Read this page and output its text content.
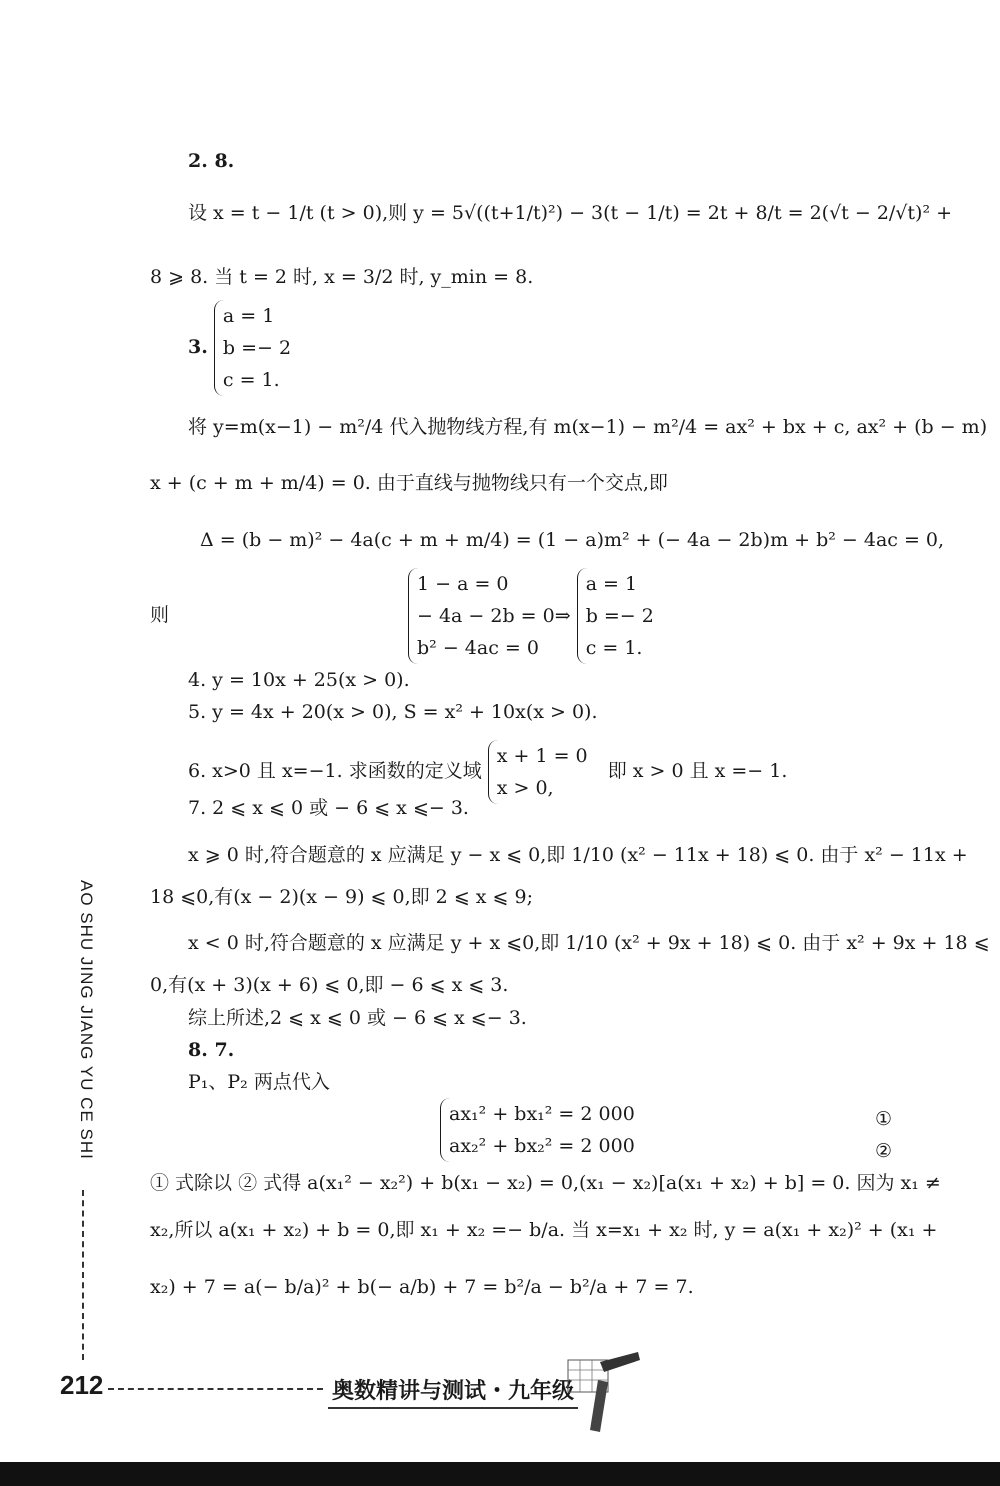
2. 8.
设 x = t − 1/t (t > 0),则 y = 5√((t+1/t)²) − 3(t − 1/t) = 2t + 8/t = 2(√t − 2/√t)² +
8 ⩾ 8. 当 t = 2 时, x = 3/2 时, y_min = 8.
3.
a = 1
b =− 2
c = 1.
将 y=m(x−1) − m²/4 代入抛物线方程,有 m(x−1) − m²/4 = ax² + bx + c, ax² + (b − m)
x + (c + m + m/4) = 0. 由于直线与抛物线只有一个交点,即
Δ = (b − m)² − 4a(c + m + m/4) = (1 − a)m² + (− 4a − 2b)m + b² − 4ac = 0,
则
1 − a = 0
− 4a − 2b = 0⇒
b² − 4ac = 0

a = 1
b =− 2
c = 1.
4. y = 10x + 25(x > 0).
5. y = 4x + 20(x > 0), S = x² + 10x(x > 0).
6. x>0 且 x=−1. 求函数的定义域
x + 1 = 0
x > 0,
即 x > 0 且 x =− 1.
7. 2 ⩽ x ⩽ 0 或 − 6 ⩽ x ⩽− 3.
x ⩾ 0 时,符合题意的 x 应满足 y − x ⩽ 0,即 1/10 (x² − 11x + 18) ⩽ 0. 由于 x² − 11x +
18 ⩽0,有(x − 2)(x − 9) ⩽ 0,即 2 ⩽ x ⩽ 9;
x < 0 时,符合题意的 x 应满足 y + x ⩽0,即 1/10 (x² + 9x + 18) ⩽ 0. 由于 x² + 9x + 18 ⩽
0,有(x + 3)(x + 6) ⩽ 0,即 − 6 ⩽ x ⩽ 3.
综上所述,2 ⩽ x ⩽ 0 或 − 6 ⩽ x ⩽− 3.
8. 7.
P₁、P₂ 两点代入
ax₁² + bx₁² = 2 000
ax₂² + bx₂² = 2 000
①
②
① 式除以 ② 式得 a(x₁² − x₂²) + b(x₁ − x₂) = 0,(x₁ − x₂)[a(x₁ + x₂) + b] = 0. 因为 x₁ ≠
x₂,所以 a(x₁ + x₂) + b = 0,即 x₁ + x₂ =− b/a. 当 x=x₁ + x₂ 时, y = a(x₁ + x₂)² + (x₁ +
x₂) + 7 = a(− b/a)² + b(− a/b) + 7 = b²/a − b²/a + 7 = 7.
AO SHU JING JIANG YU CE SHI
212	奥数精讲与测试・九年级
